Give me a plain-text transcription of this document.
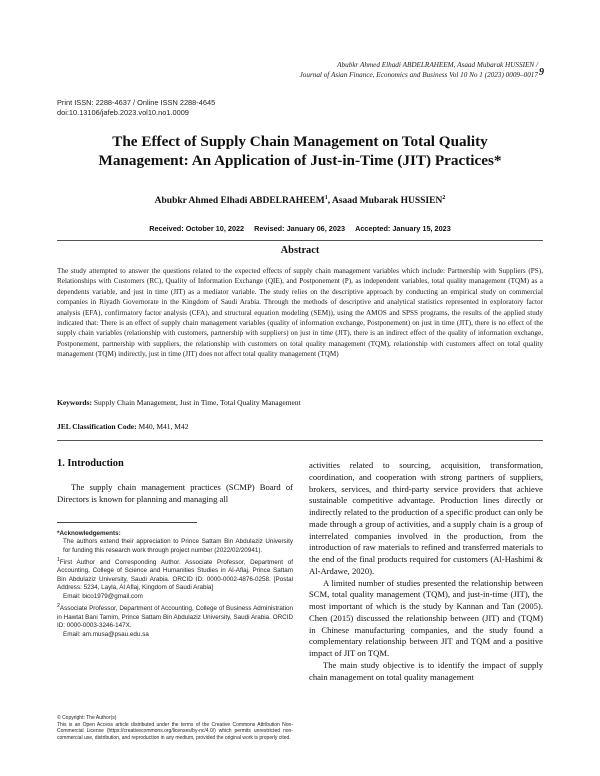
Abubkr Ahmed Elhadi ABDELRAHEEM, Asaad Mubarak HUSSIEN /
Journal of Asian Finance, Economics and Business Vol 10 No 1 (2023) 0009–0017 9
Print ISSN: 2288-4637 / Online ISSN 2288-4645
doi:10.13106/jafeb.2023.vol10.no1.0009
The Effect of Supply Chain Management on Total Quality
Management: An Application of Just-in-Time (JIT) Practices*
Abubkr Ahmed Elhadi ABDELRAHEEM$^1$, Asaad Mubarak HUSSIEN$^2$
Received: October 10, 2022 Revised: January 06, 2023 Accepted: January 15, 2023
Abstract
The study attempted to answer the questions related to the expected effects of supply chain management variables which include: Partnership with Suppliers (PS), Relationships with Customers (RC), Quality of Information Exchange (QIE), and Postponement (P), as independent variables, total quality management (TQM) as a dependents variable, and just in time (JIT) as a mediator variable. The study relies on the descriptive approach by conducting an empirical study on commercial companies in Riyadh Governorate in the Kingdom of Saudi Arabia. Through the methods of descriptive and analytical statistics represented in exploratory factor analysis (EFA), confirmatory factor analysis (CFA), and structural equation modeling (SEM)), using the AMOS and SPSS programs, the results of the applied study indicated that: There is an effect of supply chain management variables (quality of information exchange, Postponement) on just in time (JIT), there is no effect of the supply chain variables (relationship with customers, partnership with suppliers) on just in time (JIT), there is an indirect effect of the quality of information exchange, Postponement, partnership with suppliers, the relationship with customers on total quality management (TQM), relationship with customers affect on total quality management (TQM) indirectly, just in time (JIT) does not affect total quality management (TQM)
Keywords: Supply Chain Management, Just in Time, Total Quality Management
JEL Classification Code: M40, M41, M42
1. Introduction

The supply chain management practices (SCMP) Board of Directors is known for planning and managing all

*Acknowledgements:
The authors extend their appreciation to Prince Sattam Bin Abdulaziz University for funding this research work through project number (2022/02/20941).
$^1$First Author and Corresponding Author. Associate Professor, Department of Accounting, College of Science and Humanities Studies in Al-Aflaj, Prince Sattam Bin Abdulaziz University, Saudi Arabia. ORCID ID: 0000-0002-4876-0258. [Postal Address: 5234, Layla, Al Aflaj, Kingdom of Saudi Arabia]
Email: bico1979@gmail.com
$^2$Associate Professor, Department of Accounting, College of Business Administration in Hawtat Bani Tamim, Prince Sattam Bin Abdulaziz University, Saudi Arabia. ORCID ID: 0000-0003-3246-147X.
Email: am.musa@psau.edu.sa
© Copyright: The Author(s)
This is an Open Access article distributed under the terms of the Creative Commons Attribution Non-Commercial License (https://creativecommons.org/licenses/by-nc/4.0/) which permits unrestricted non-commercial use, distribution, and reproduction in any medium, provided the original work is properly cited.

activities related to sourcing, acquisition, transformation, coordination, and cooperation with strong partners of suppliers, brokers, services, and third-party service providers that achieve sustainable competitive advantage. Production lines directly or indirectly related to the production of a specific product can only be made through a group of activities, and a supply chain is a group of interrelated companies involved in the production, from the introduction of raw materials to refined and transferred materials to the end of the final products required for customers (Al-Hashimi & Al-Ardawe, 2020).

A limited number of studies presented the relationship between SCM, total quality management (TQM), and just-in-time (JIT), the most important of which is the study by Kannan and Tan (2005). Chen (2015) discussed the relationship between (JIT) and (TQM) in Chinese manufacturing companies, and the study found a complementary relationship between JIT and TQM and a positive impact of JIT on TQM.

The main study objective is to identify the impact of supply chain management on total quality management
